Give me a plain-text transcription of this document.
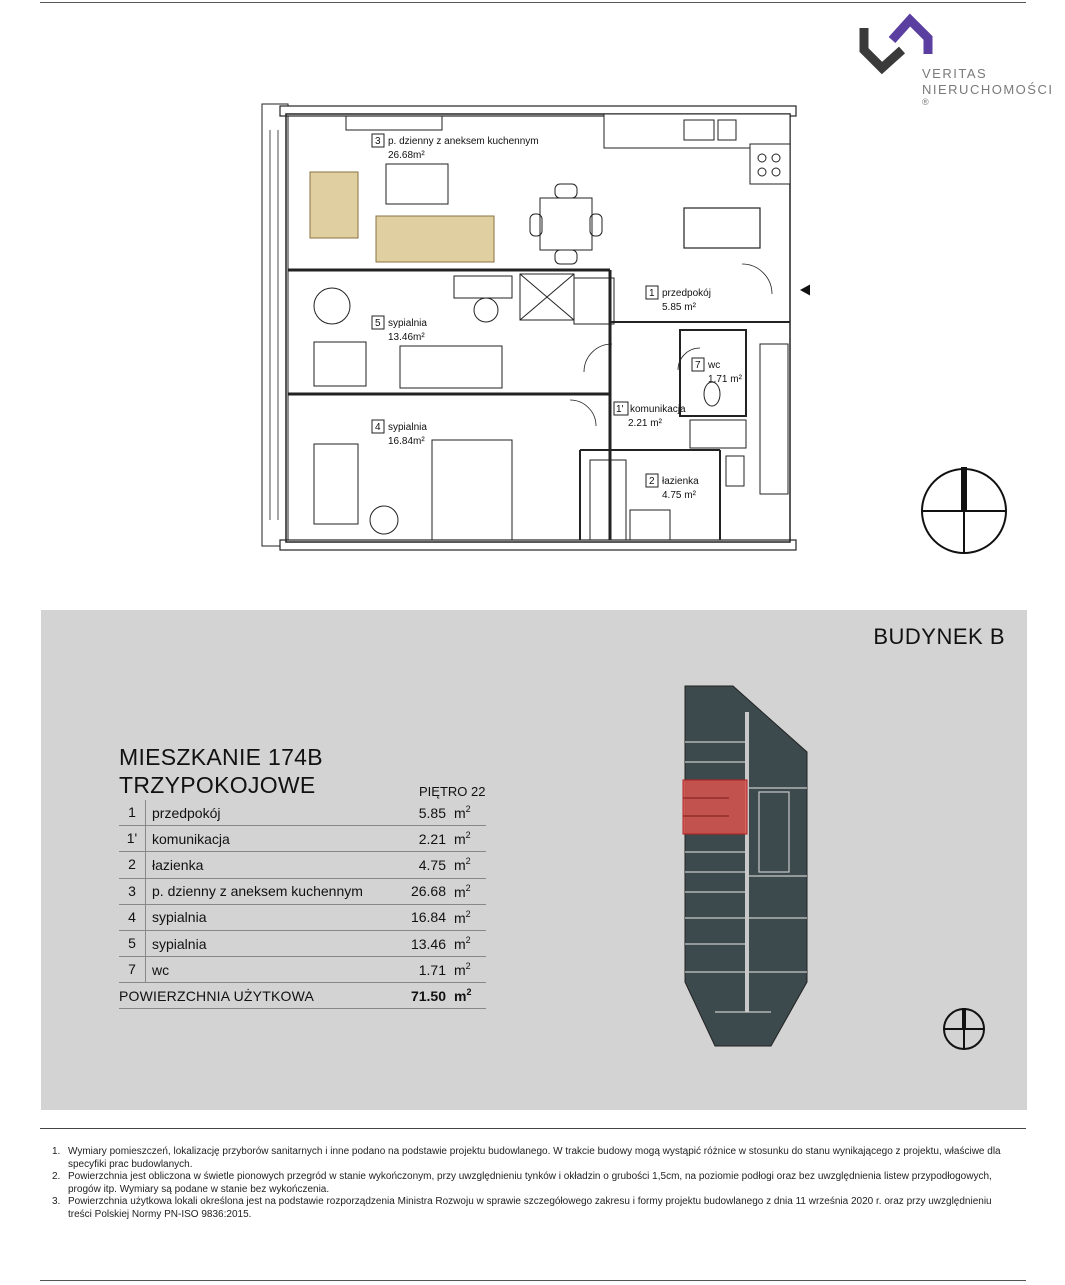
VERITAS
NIERUCHOMOŚCI ®
3 p. dzienny z aneksem kuchennym
26.68m²
5 sypialnia
13.46m²
4 sypialnia
16.84m²
1 przedpokój
5.85 m²
7 wc
1.71 m²
1' komunikacja
2.21 m²
2 łazienka
4.75 m²
BUDYNEK B
MIESZKANIE 174B
TRZYPOKOJOWE	PIĘTRO 22
1	przedpokój	5.85 $m^2$
1'	komunikacja	2.21 $m^2$
2	łazienka	4.75 $m^2$
3	p. dzienny z aneksem kuchennym	26.68 $m^2$
4	sypialnia	16.84 $m^2$
5	sypialnia	13.46 $m^2$
7	wc	1.71 $m^2$
POWIERZCHNIA UŻYTKOWA	71.50 $m^2$
1. Wymiary pomieszczeń, lokalizację przyborów sanitarnych i inne podano na podstawie projektu budowlanego. W trakcie budowy mogą wystąpić różnice w stosunku do stanu wynikającego z projektu, właściwe dla specyfiki prac budowlanych.
2. Powierzchnia jest obliczona w świetle pionowych przegród w stanie wykończonym, przy uwzględnieniu tynków i okładzin o grubości 1,5cm, na poziomie podłogi oraz bez uwzględnienia listew przypodłogowych, progów itp. Wymiary są podane w stanie bez wykończenia.
3. Powierzchnia użytkowa lokali określona jest na podstawie rozporządzenia Ministra Rozwoju w sprawie szczegółowego zakresu i formy projektu budowlanego z dnia 11 września 2020 r. oraz przy uwzględnieniu treści Polskiej Normy PN-ISO 9836:2015.
